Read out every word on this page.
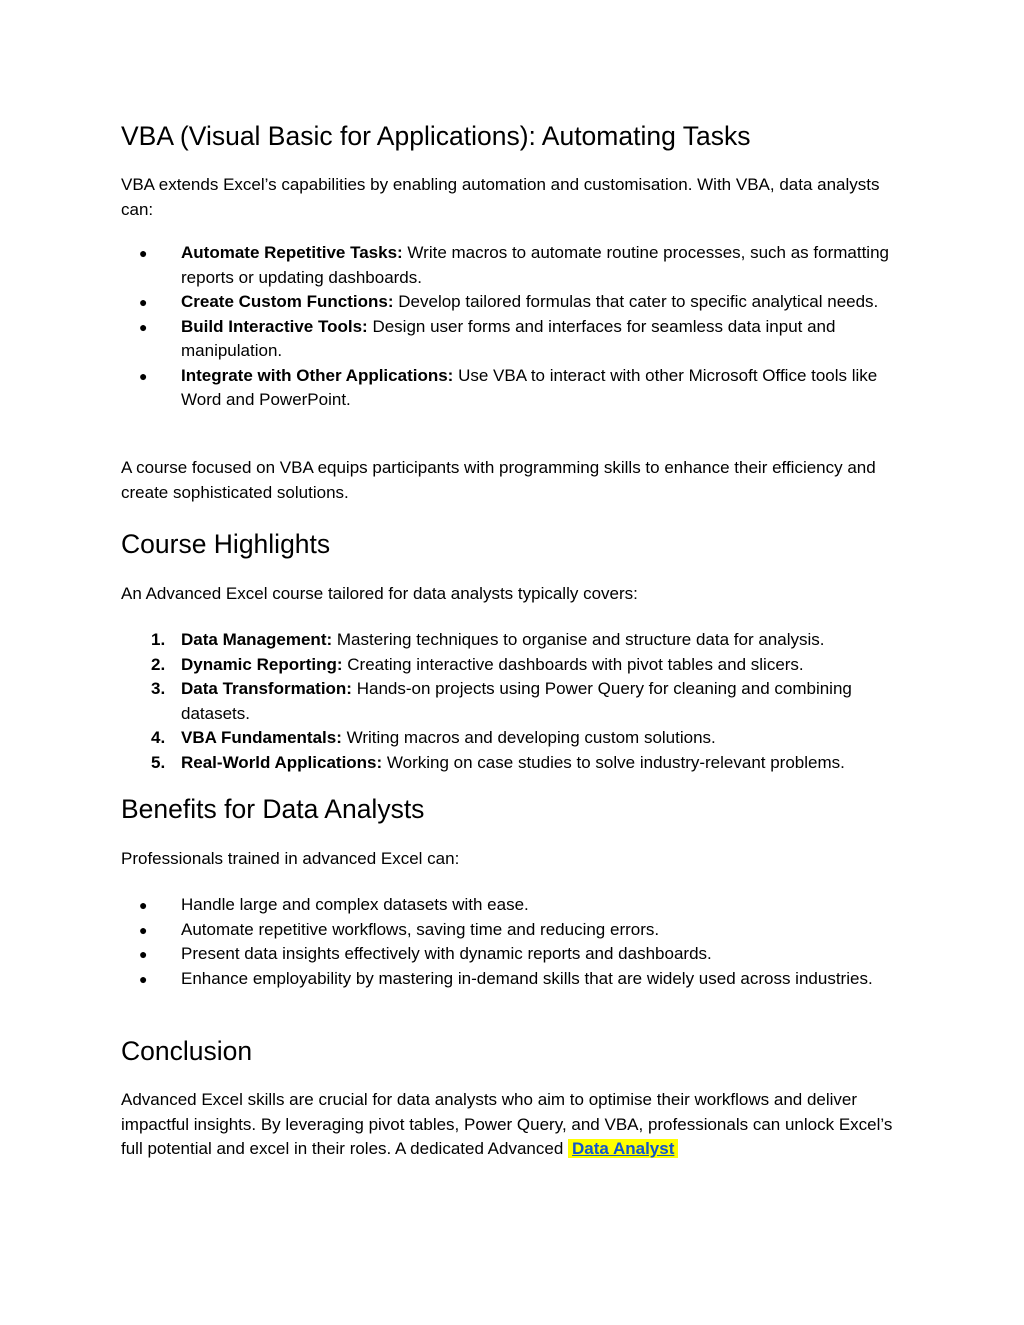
VBA (Visual Basic for Applications): Automating Tasks

VBA extends Excel’s capabilities by enabling automation and customisation. With VBA, data analysts can:

●	Automate Repetitive Tasks: Write macros to automate routine processes, such as formatting reports or updating dashboards.
●	Create Custom Functions: Develop tailored formulas that cater to specific analytical needs.
●	Build Interactive Tools: Design user forms and interfaces for seamless data input and manipulation.
●	Integrate with Other Applications: Use VBA to interact with other Microsoft Office tools like Word and PowerPoint.

A course focused on VBA equips participants with programming skills to enhance their efficiency and create sophisticated solutions.

Course Highlights

An Advanced Excel course tailored for data analysts typically covers:

1. Data Management: Mastering techniques to organise and structure data for analysis.
2. Dynamic Reporting: Creating interactive dashboards with pivot tables and slicers.
3. Data Transformation: Hands-on projects using Power Query for cleaning and combining datasets.
4. VBA Fundamentals: Writing macros and developing custom solutions.
5. Real-World Applications: Working on case studies to solve industry-relevant problems.
Benefits for Data Analysts

Professionals trained in advanced Excel can:

●	Handle large and complex datasets with ease.
●	Automate repetitive workflows, saving time and reducing errors.
●	Present data insights effectively with dynamic reports and dashboards.
●	Enhance employability by mastering in-demand skills that are widely used across industries.
Conclusion

Advanced Excel skills are crucial for data analysts who aim to optimise their workflows and deliver impactful insights. By leveraging pivot tables, Power Query, and VBA, professionals can unlock Excel’s full potential and excel in their roles. A dedicated Advanced Data Analyst
